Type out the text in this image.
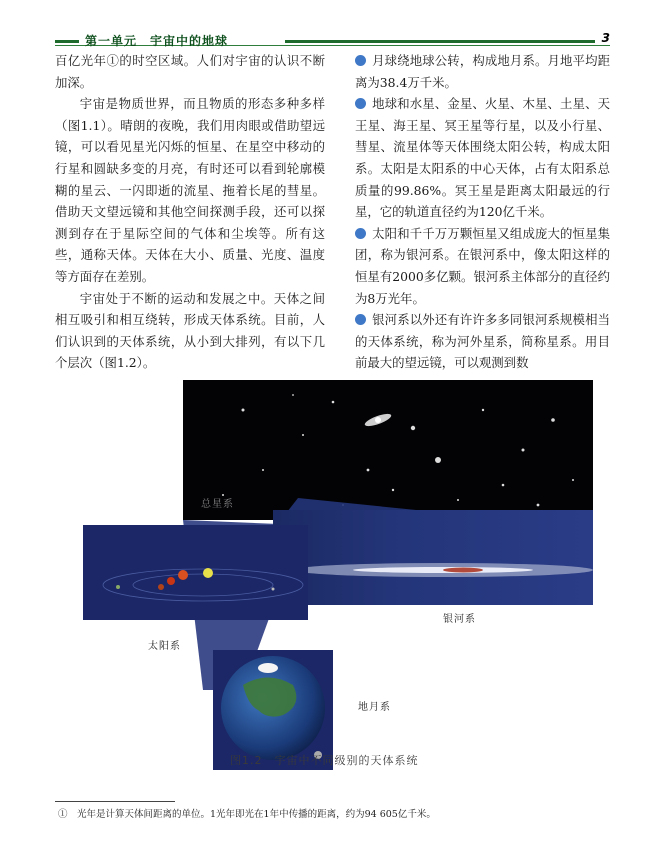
第一单元　宇宙中的地球	3

百亿光年①的时空区域。人们对宇宙的认识不断加深。

宇宙是物质世界，而且物质的形态多种多样（图1.1）。晴朗的夜晚，我们用肉眼或借助望远镜，可以看见星光闪烁的恒星、在星空中移动的行星和圆缺多变的月亮，有时还可以看到轮廓模糊的星云、一闪即逝的流星、拖着长尾的彗星。借助天文望远镜和其他空间探测手段，还可以探测到存在于星际空间的气体和尘埃等。所有这些，通称天体。天体在大小、质量、光度、温度等方面存在差别。

宇宙处于不断的运动和发展之中。天体之间相互吸引和相互绕转，形成天体系统。目前，人们认识到的天体系统，从小到大排列，有以下几个层次（图1.2）。

月球绕地球公转，构成地月系。月地平均距离为38.4万千米。

地球和水星、金星、火星、木星、土星、天王星、海王星、冥王星等行星，以及小行星、彗星、流星体等天体围绕太阳公转，构成太阳系。太阳是太阳系的中心天体，占有太阳系总质量的99.86%。冥王星是距离太阳最远的行星，它的轨道直径约为120亿千米。

太阳和千千万万颗恒星又组成庞大的恒星集团，称为银河系。在银河系中，像太阳这样的恒星有2000多亿颗。银河系主体部分的直径约为8万光年。

银河系以外还有许许多多同银河系规模相当的天体系统，称为河外星系，简称星系。用目前最大的望远镜，可以观测到数

总星系
银河系
太阳系
地月系
图1.2　宇宙中不同级别的天体系统
①　光年是计算天体间距离的单位。1光年即光在1年中传播的距离，约为94 605亿千米。
